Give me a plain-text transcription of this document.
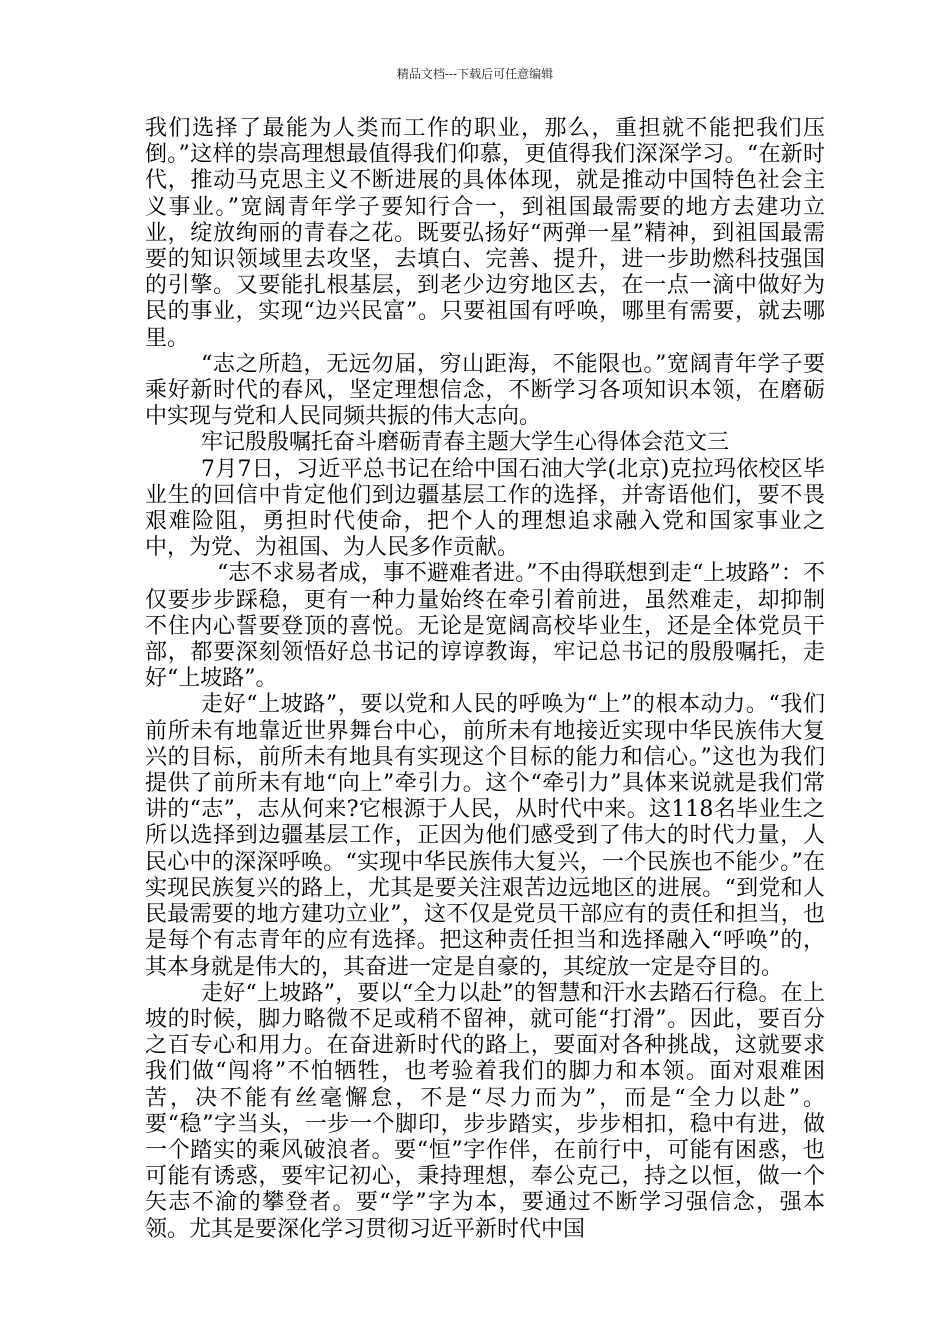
精品文档---下载后可任意编辑

我们选择了最能为人类而工作的职业，那么，重担就不能把我们压倒。”这样的崇高理想最值得我们仰慕，更值得我们深深学习。“在新时代，推动马克思主义不断进展的具体体现，就是推动中国特色社会主义事业。”宽阔青年学子要知行合一，到祖国最需要的地方去建功立业，绽放绚丽的青春之花。既要弘扬好“两弹一星”精神，到祖国最需要的知识领域里去攻坚，去填白、完善、提升，进一步助燃科技强国的引擎。又要能扎根基层，到老少边穷地区去，在一点一滴中做好为民的事业，实现“边兴民富”。只要祖国有呼唤，哪里有需要，就去哪里。

“志之所趋，无远勿届，穷山距海，不能限也。”宽阔青年学子要乘好新时代的春风，坚定理想信念，不断学习各项知识本领，在磨砺中实现与党和人民同频共振的伟大志向。

牢记殷殷嘱托奋斗磨砺青春主题大学生心得体会范文三

7月7日，习近平总书记在给中国石油大学(北京)克拉玛依校区毕业生的回信中肯定他们到边疆基层工作的选择，并寄语他们，要不畏艰难险阻，勇担时代使命，把个人的理想追求融入党和国家事业之中，为党、为祖国、为人民多作贡献。

“志不求易者成，事不避难者进。”不由得联想到走“上坡路”：不仅要步步踩稳，更有一种力量始终在牵引着前进，虽然难走，却抑制不住内心誓要登顶的喜悦。无论是宽阔高校毕业生，还是全体党员干部，都要深刻领悟好总书记的谆谆教诲，牢记总书记的殷殷嘱托，走好“上坡路”。

走好“上坡路”，要以党和人民的呼唤为“上”的根本动力。“我们前所未有地靠近世界舞台中心，前所未有地接近实现中华民族伟大复兴的目标，前所未有地具有实现这个目标的能力和信心。”这也为我们提供了前所未有地“向上”牵引力。这个“牵引力”具体来说就是我们常讲的“志”，志从何来?它根源于人民，从时代中来。这118名毕业生之所以选择到边疆基层工作，正因为他们感受到了伟大的时代力量，人民心中的深深呼唤。“实现中华民族伟大复兴，一个民族也不能少。”在实现民族复兴的路上，尤其是要关注艰苦边远地区的进展。“到党和人民最需要的地方建功立业”，这不仅是党员干部应有的责任和担当，也是每个有志青年的应有选择。把这种责任担当和选择融入“呼唤”的，其本身就是伟大的，其奋进一定是自豪的，其绽放一定是夺目的。

走好“上坡路”，要以“全力以赴”的智慧和汗水去踏石行稳。在上坡的时候，脚力略微不足或稍不留神，就可能“打滑”。因此，要百分之百专心和用力。在奋进新时代的路上，要面对各种挑战，这就要求我们做“闯将”不怕牺牲，也考验着我们的脚力和本领。面对艰难困苦，决不能有丝毫懈怠，不是“尽力而为”，而是“全力以赴”。要“稳”字当头，一步一个脚印，步步踏实，步步相扣，稳中有进，做一个踏实的乘风破浪者。要“恒”字作伴，在前行中，可能有困惑，也可能有诱惑，要牢记初心，秉持理想，奉公克己，持之以恒，做一个矢志不渝的攀登者。要“学”字为本，要通过不断学习强信念，强本领。尤其是要深化学习贯彻习近平新时代中国
